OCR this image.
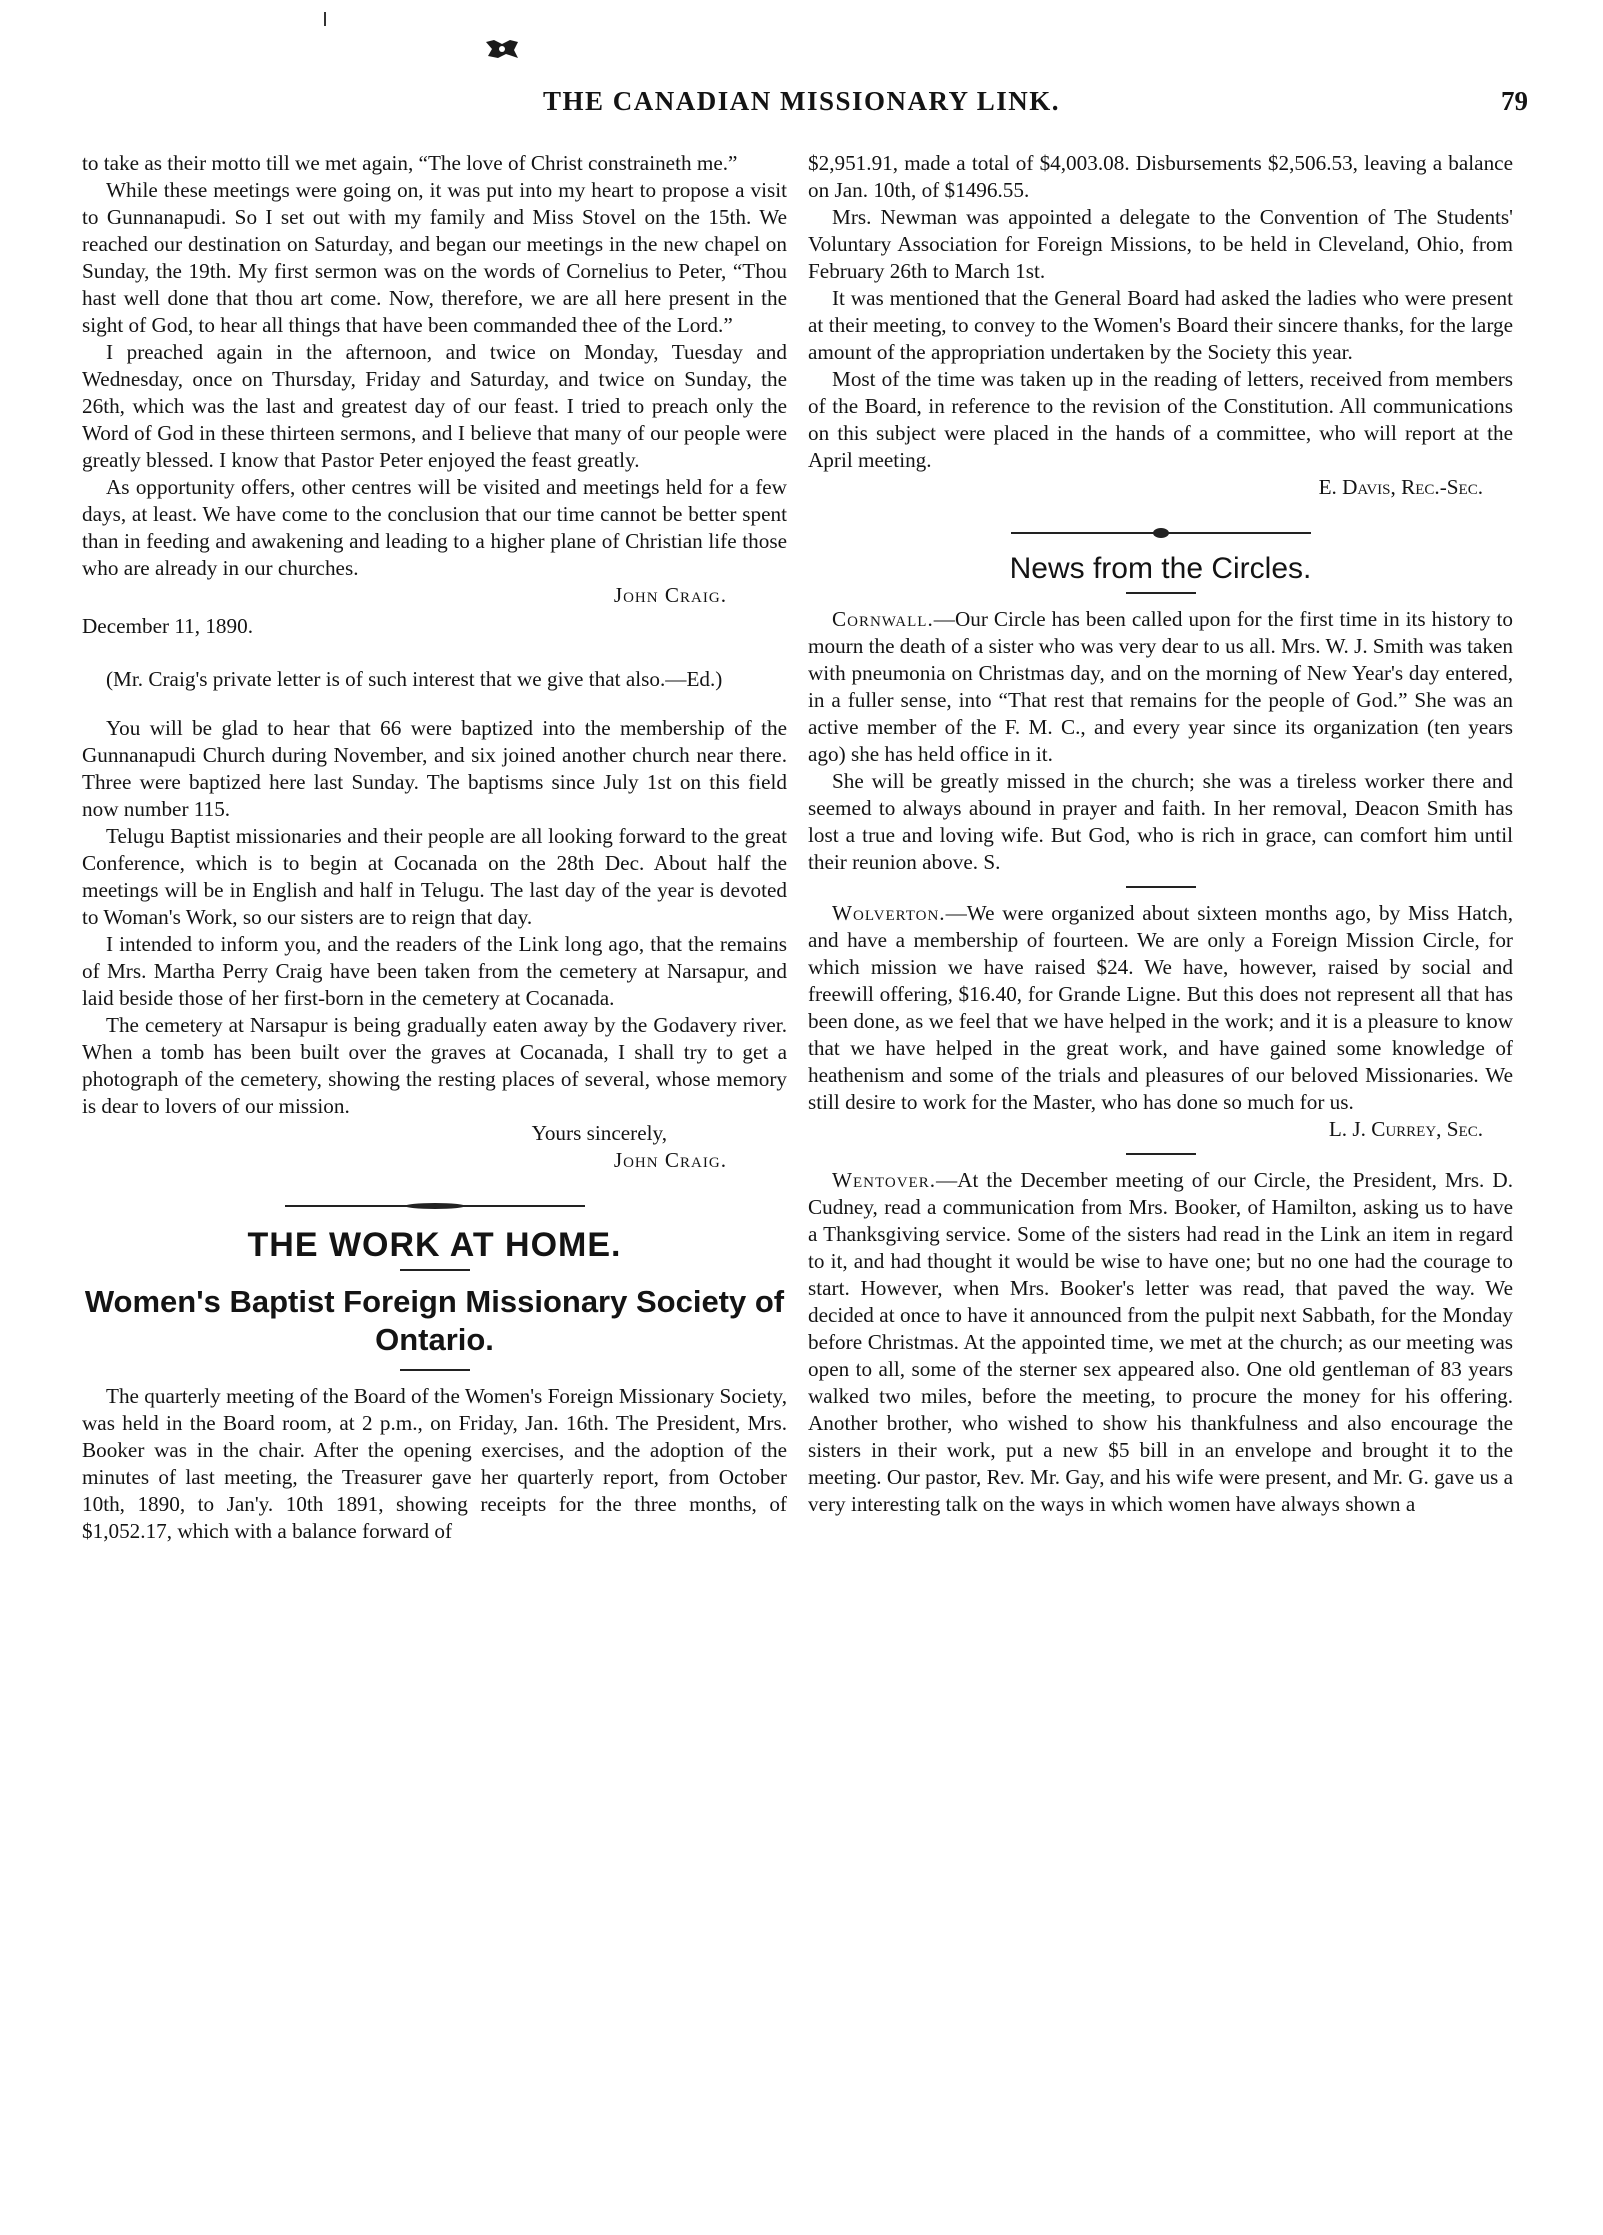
THE CANADIAN MISSIONARY LINK.	79

to take as their motto till we met again, “The love of Christ constraineth me.”

While these meetings were going on, it was put into my heart to propose a visit to Gunnanapudi. So I set out with my family and Miss Stovel on the 15th. We reached our destination on Saturday, and began our meetings in the new chapel on Sunday, the 19th. My first sermon was on the words of Cornelius to Peter, “Thou hast well done that thou art come. Now, therefore, we are all here present in the sight of God, to hear all things that have been commanded thee of the Lord.”

I preached again in the afternoon, and twice on Monday, Tuesday and Wednesday, once on Thursday, Friday and Saturday, and twice on Sunday, the 26th, which was the last and greatest day of our feast. I tried to preach only the Word of God in these thirteen sermons, and I believe that many of our people were greatly blessed. I know that Pastor Peter enjoyed the feast greatly.

As opportunity offers, other centres will be visited and meetings held for a few days, at least. We have come to the conclusion that our time cannot be better spent than in feeding and awakening and leading to a higher plane of Christian life those who are already in our churches.

John Craig.
December 11, 1890.

(Mr. Craig's private letter is of such interest that we give that also.—Ed.)

You will be glad to hear that 66 were baptized into the membership of the Gunnanapudi Church during November, and six joined another church near there. Three were baptized here last Sunday. The baptisms since July 1st on this field now number 115.

Telugu Baptist missionaries and their people are all looking forward to the great Conference, which is to begin at Cocanada on the 28th Dec. About half the meetings will be in English and half in Telugu. The last day of the year is devoted to Woman's Work, so our sisters are to reign that day.

I intended to inform you, and the readers of the Link long ago, that the remains of Mrs. Martha Perry Craig have been taken from the cemetery at Narsapur, and laid beside those of her first-born in the cemetery at Cocanada.

The cemetery at Narsapur is being gradually eaten away by the Godavery river. When a tomb has been built over the graves at Cocanada, I shall try to get a photograph of the cemetery, showing the resting places of several, whose memory is dear to lovers of our mission.

Yours sincerely,
John Craig.
THE WORK AT HOME.
Women's Baptist Foreign Missionary Society of Ontario.

The quarterly meeting of the Board of the Women's Foreign Missionary Society, was held in the Board room, at 2 p.m., on Friday, Jan. 16th. The President, Mrs. Booker was in the chair. After the opening exercises, and the adoption of the minutes of last meeting, the Treasurer gave her quarterly report, from October 10th, 1890, to Jan'y. 10th 1891, showing receipts for the three months, of $1,052.17, which with a balance forward of

$2,951.91, made a total of $4,003.08. Disbursements $2,506.53, leaving a balance on Jan. 10th, of $1496.55.

Mrs. Newman was appointed a delegate to the Convention of The Students' Voluntary Association for Foreign Missions, to be held in Cleveland, Ohio, from February 26th to March 1st.

It was mentioned that the General Board had asked the ladies who were present at their meeting, to convey to the Women's Board their sincere thanks, for the large amount of the appropriation undertaken by the Society this year.

Most of the time was taken up in the reading of letters, received from members of the Board, in reference to the revision of the Constitution. All communications on this subject were placed in the hands of a committee, who will report at the April meeting.

E. Davis, Rec.-Sec.
News from the Circles.

Cornwall.—Our Circle has been called upon for the first time in its history to mourn the death of a sister who was very dear to us all. Mrs. W. J. Smith was taken with pneumonia on Christmas day, and on the morning of New Year's day entered, in a fuller sense, into “That rest that remains for the people of God.” She was an active member of the F. M. C., and every year since its organization (ten years ago) she has held office in it.

She will be greatly missed in the church; she was a tireless worker there and seemed to always abound in prayer and faith. In her removal, Deacon Smith has lost a true and loving wife. But God, who is rich in grace, can comfort him until their reunion above. S.

Wolverton.—We were organized about sixteen months ago, by Miss Hatch, and have a membership of fourteen. We are only a Foreign Mission Circle, for which mission we have raised $24. We have, however, raised by social and freewill offering, $16.40, for Grande Ligne. But this does not represent all that has been done, as we feel that we have helped in the work; and it is a pleasure to know that we have helped in the great work, and have gained some knowledge of heathenism and some of the trials and pleasures of our beloved Missionaries. We still desire to work for the Master, who has done so much for us.

L. J. Currey, Sec.

Wentover.—At the December meeting of our Circle, the President, Mrs. D. Cudney, read a communication from Mrs. Booker, of Hamilton, asking us to have a Thanksgiving service. Some of the sisters had read in the Link an item in regard to it, and had thought it would be wise to have one; but no one had the courage to start. However, when Mrs. Booker's letter was read, that paved the way. We decided at once to have it announced from the pulpit next Sabbath, for the Monday before Christmas. At the appointed time, we met at the church; as our meeting was open to all, some of the sterner sex appeared also. One old gentleman of 83 years walked two miles, before the meeting, to procure the money for his offering. Another brother, who wished to show his thankfulness and also encourage the sisters in their work, put a new $5 bill in an envelope and brought it to the meeting. Our pastor, Rev. Mr. Gay, and his wife were present, and Mr. G. gave us a very interesting talk on the ways in which women have always shown a
